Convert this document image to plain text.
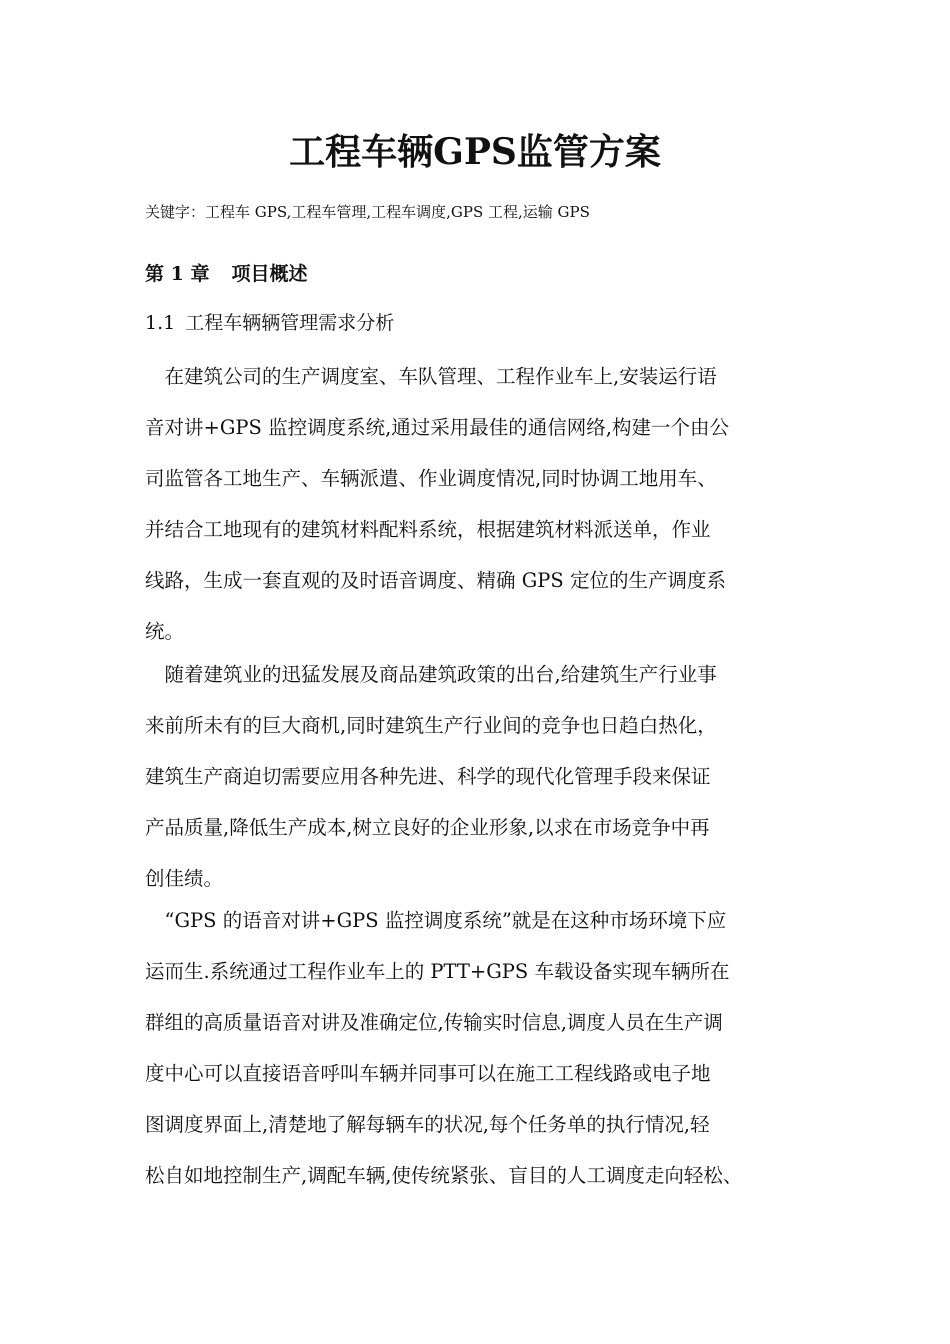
工程车辆GPS监管方案
关键字：工程车 GPS,工程车管理,工程车调度,GPS 工程,运输 GPS
第 1 章 项目概述
1.1 工程车辆辆管理需求分析
　在建筑公司的生产调度室、车队管理、工程作业车上,安装运行语
音对讲+GPS 监控调度系统,通过采用最佳的通信网络,构建一个由公
司监管各工地生产、车辆派遣、作业调度情况,同时协调工地用车、
并结合工地现有的建筑材料配料系统，根据建筑材料派送单，作业
线路，生成一套直观的及时语音调度、精确 GPS 定位的生产调度系
统。
　随着建筑业的迅猛发展及商品建筑政策的出台,给建筑生产行业事
来前所未有的巨大商机,同时建筑生产行业间的竞争也日趋白热化，
建筑生产商迫切需要应用各种先进、科学的现代化管理手段来保证
产品质量,降低生产成本,树立良好的企业形象,以求在市场竞争中再
创佳绩。
　“GPS 的语音对讲+GPS 监控调度系统”就是在这种市场环境下应
运而生.系统通过工程作业车上的 PTT+GPS 车载设备实现车辆所在
群组的高质量语音对讲及准确定位,传输实时信息,调度人员在生产调
度中心可以直接语音呼叫车辆并同事可以在施工工程线路或电子地
图调度界面上,清楚地了解每辆车的状况,每个任务单的执行情况,轻
松自如地控制生产,调配车辆,使传统紧张、盲目的人工调度走向轻松、
